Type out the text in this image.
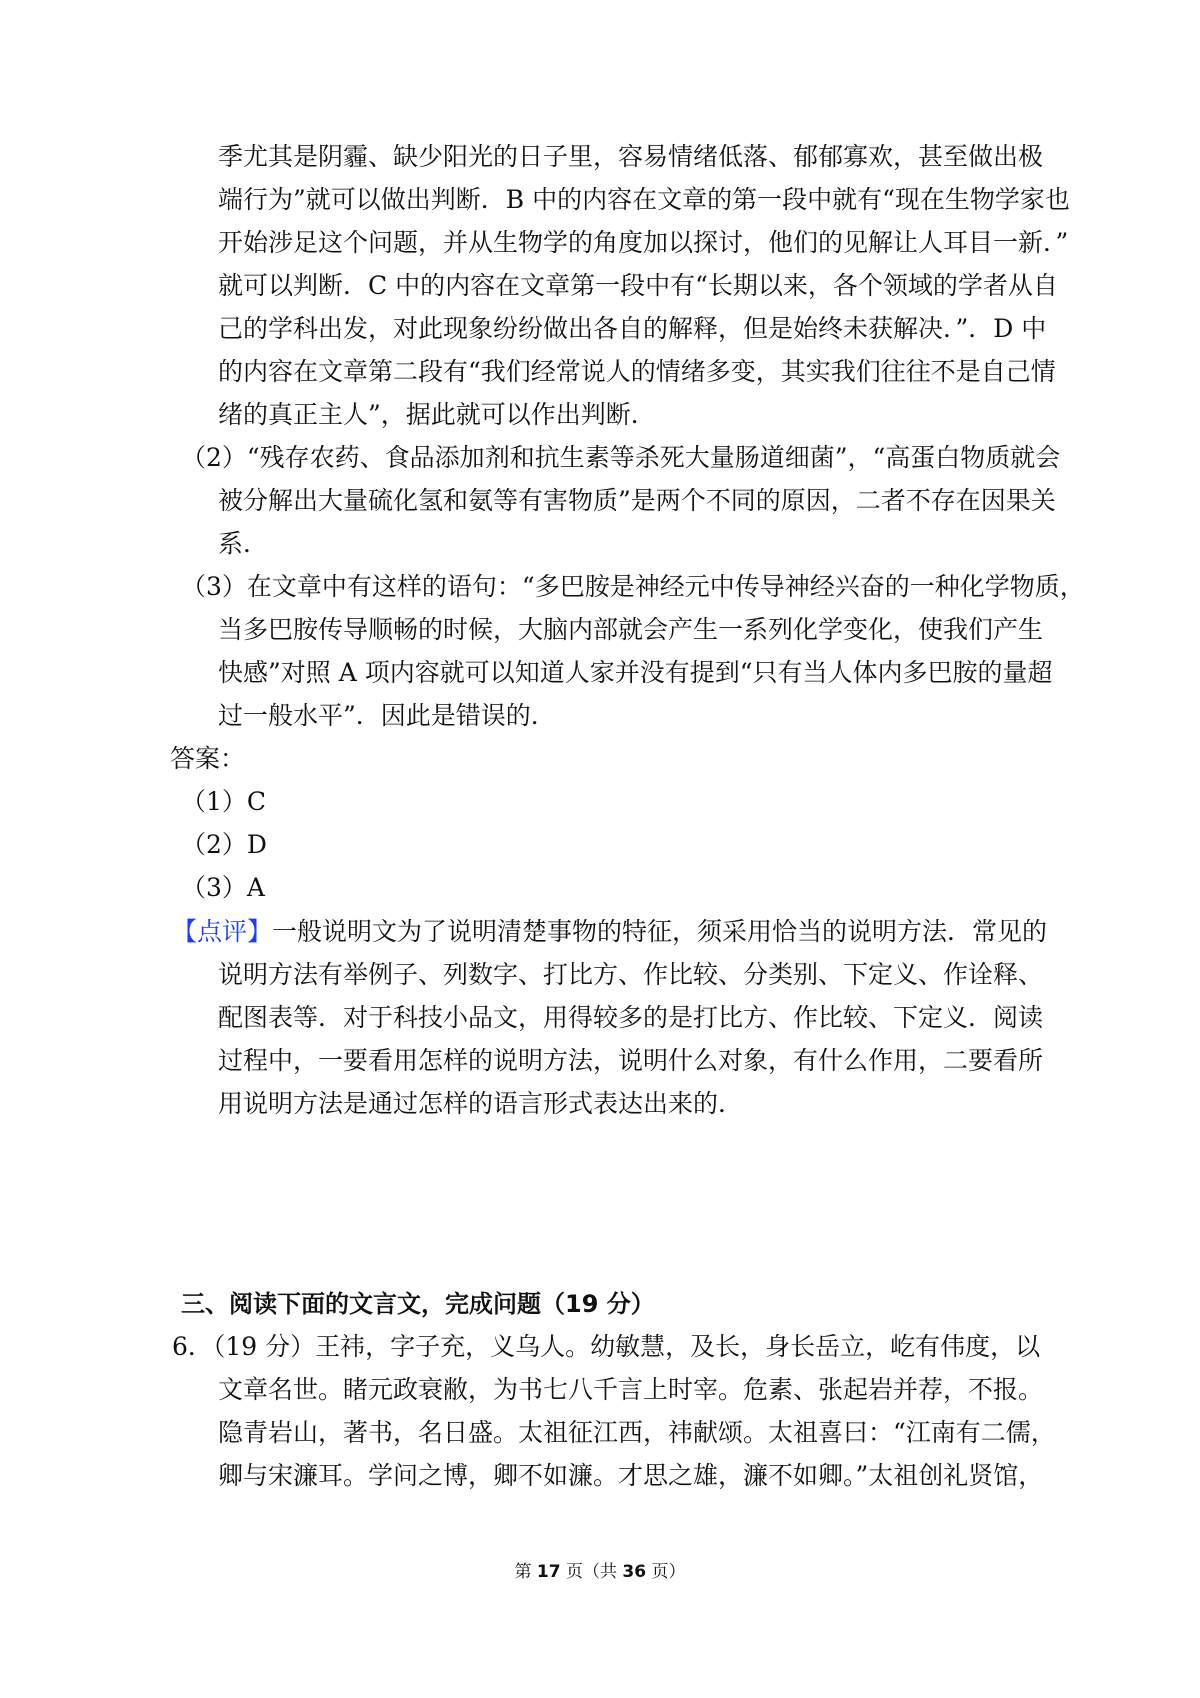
季尤其是阴霾、缺少阳光的日子里，容易情绪低落、郁郁寡欢，甚至做出极
端行为”就可以做出判断．B 中的内容在文章的第一段中就有“现在生物学家也
开始涉足这个问题，并从生物学的角度加以探讨，他们的见解让人耳目一新．”
就可以判断．C 中的内容在文章第一段中有“长期以来，各个领域的学者从自
己的学科出发，对此现象纷纷做出各自的解释，但是始终未获解决．”．D 中
的内容在文章第二段有“我们经常说人的情绪多变，其实我们往往不是自己情
绪的真正主人”，据此就可以作出判断．
（2）“残存农药、食品添加剂和抗生素等杀死大量肠道细菌”，“高蛋白物质就会
被分解出大量硫化氢和氨等有害物质”是两个不同的原因，二者不存在因果关
系．
（3）在文章中有这样的语句：“多巴胺是神经元中传导神经兴奋的一种化学物质，
当多巴胺传导顺畅的时候，大脑内部就会产生一系列化学变化，使我们产生
快感”对照 A 项内容就可以知道人家并没有提到“只有当人体内多巴胺的量超
过一般水平”．因此是错误的．
答案：
（1）C
（2）D
（3）A
【点评】一般说明文为了说明清楚事物的特征，须采用恰当的说明方法．常见的
说明方法有举例子、列数字、打比方、作比较、分类别、下定义、作诠释、
配图表等．对于科技小品文，用得较多的是打比方、作比较、下定义．阅读
过程中，一要看用怎样的说明方法，说明什么对象，有什么作用，二要看所
用说明方法是通过怎样的语言形式表达出来的．
三、阅读下面的文言文，完成问题（19 分）
6．（19 分）王祎，字子充，义乌人。幼敏慧，及长，身长岳立，屹有伟度，以
文章名世。睹元政衰敝，为书七八千言上时宰。危素、张起岩并荐，不报。
隐青岩山，著书，名日盛。太祖征江西，祎献颂。太祖喜曰：“江南有二儒，
卿与宋濂耳。学问之博，卿不如濂。才思之雄，濂不如卿。”太祖创礼贤馆，
第 17 页（共 36 页）
